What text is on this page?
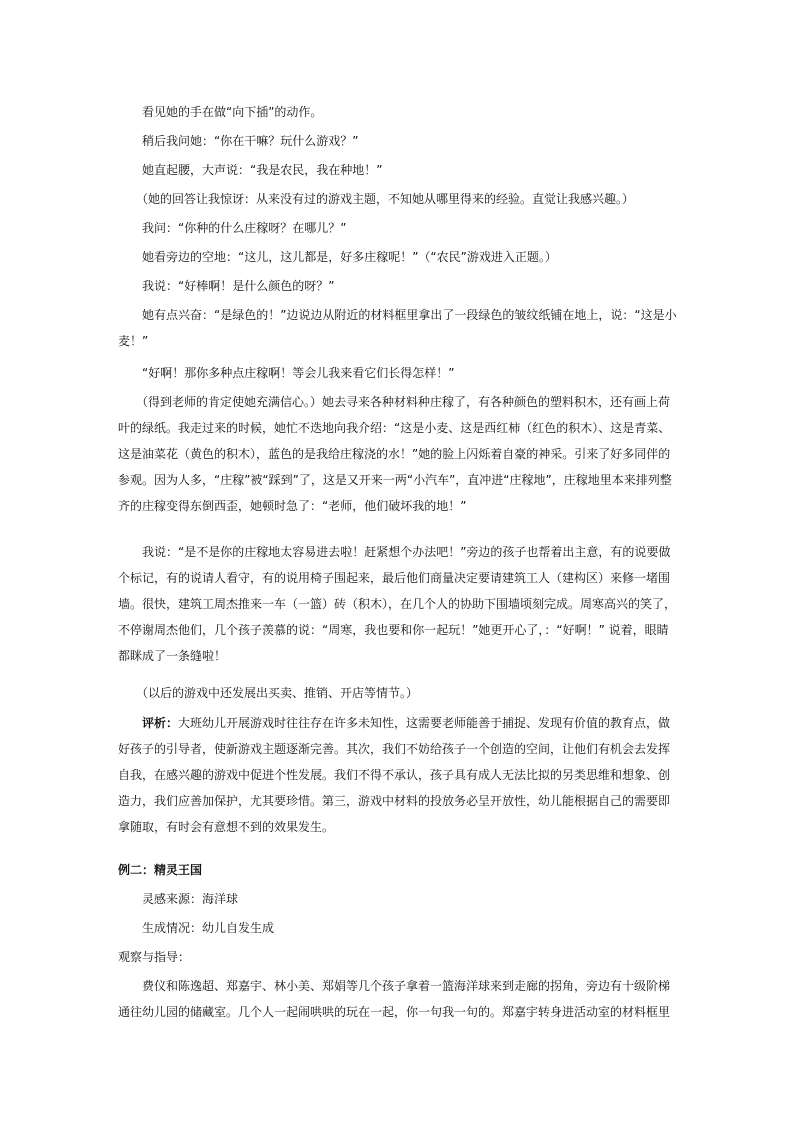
　　看见她的手在做“向下插”的动作。
　　稍后我问她：“你在干嘛？玩什么游戏？”
　　她直起腰，大声说：“我是农民，我在种地！”
　　（她的回答让我惊讶：从来没有过的游戏主题，不知她从哪里得来的经验。直觉让我感兴趣。）
　　我问：“你种的什么庄稼呀？在哪儿？”
　　她看旁边的空地：“这儿，这儿都是，好多庄稼呢！”（“农民”游戏进入正题。）
　　我说：“好棒啊！是什么颜色的呀？”
　　她有点兴奋：“是绿色的！”边说边从附近的材料框里拿出了一段绿色的皱纹纸铺在地上，说：“这是小麦！”
　　“好啊！那你多种点庄稼啊！等会儿我来看它们长得怎样！”
　　（得到老师的肯定使她充满信心。）她去寻来各种材料种庄稼了，有各种颜色的塑料积木，还有画上荷叶的绿纸。我走过来的时候，她忙不迭地向我介绍：“这是小麦、这是西红柿（红色的积木）、这是青菜、这是油菜花（黄色的积木），蓝色的是我给庄稼浇的水！”她的脸上闪烁着自豪的神采。引来了好多同伴的参观。因为人多，“庄稼”被“踩到”了，这是又开来一两“小汽车”，直冲进“庄稼地”，庄稼地里本来排列整齐的庄稼变得东倒西歪，她顿时急了：“老师，他们破坏我的地！”
　　我说：“是不是你的庄稼地太容易进去啦！赶紧想个办法吧！”旁边的孩子也帮着出主意，有的说要做个标记，有的说请人看守，有的说用椅子围起来，最后他们商量决定要请建筑工人（建构区）来修一堵围墙。很快，建筑工周杰推来一车（一篮）砖（积木），在几个人的协助下围墙顷刻完成。周寒高兴的笑了，不停谢周杰他们，几个孩子羡慕的说：“周寒，我也要和你一起玩！”她更开心了，：“好啊！” 说着，眼睛都眯成了一条缝啦！
　　（以后的游戏中还发展出买卖、推销、开店等情节。）
　　评析：大班幼儿开展游戏时往往存在许多未知性，这需要老师能善于捕捉、发现有价值的教育点，做好孩子的引导者，使新游戏主题逐渐完善。其次，我们不妨给孩子一个创造的空间，让他们有机会去发挥自我，在感兴趣的游戏中促进个性发展。我们不得不承认，孩子具有成人无法比拟的另类思维和想象、创造力，我们应善加保护，尤其要珍惜。第三，游戏中材料的投放务必呈开放性，幼儿能根据自己的需要即拿随取，有时会有意想不到的效果发生。
例二：精灵王国
　　灵感来源：海洋球
　　生成情况：幼儿自发生成
观察与指导：
　　费仪和陈逸超、郑嘉宇、林小美、郑娟等几个孩子拿着一篮海洋球来到走廊的拐角，旁边有十级阶梯通往幼儿园的储藏室。几个人一起闹哄哄的玩在一起，你一句我一句的。郑嘉宇转身进活动室的材料框里
